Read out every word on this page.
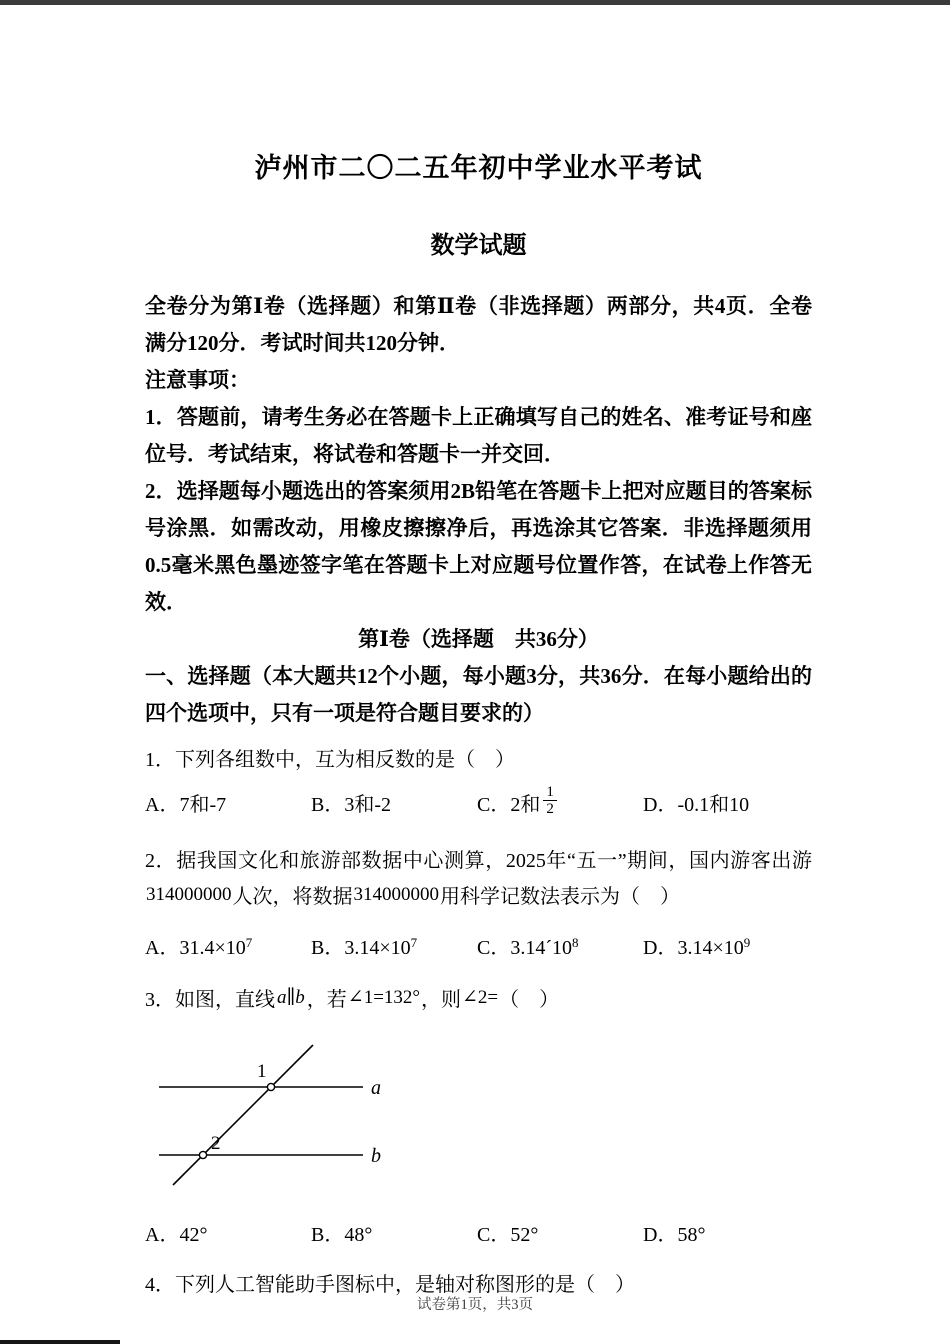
泸州市二〇二五年初中学业水平考试
数学试题

全卷分为第Ⅰ卷（选择题）和第Ⅱ卷（非选择题）两部分，共4页．全卷满分120分．考试时间共120分钟．

注意事项：

1．答题前，请考生务必在答题卡上正确填写自己的姓名、准考证号和座位号．考试结束，将试卷和答题卡一并交回．

2．选择题每小题选出的答案须用2B铅笔在答题卡上把对应题目的答案标号涂黑．如需改动，用橡皮擦擦净后，再选涂其它答案．非选择题须用0.5毫米黑色墨迹签字笔在答题卡上对应题号位置作答，在试卷上作答无效．

第Ⅰ卷（选择题　共36分）

一、选择题（本大题共12个小题，每小题3分，共36分．在每小题给出的四个选项中，只有一项是符合题目要求的）

1．下列各组数中，互为相反数的是（　）
A．7和-7	B．3和-2	C．2和 $\frac{1}{2}$	D．-0.1和10
2．据我国文化和旅游部数据中心测算，2025年“五一”期间，国内游客出游314000000人次，将数据314000000用科学记数法表示为（　）
A．$31.4\times 10^7$	B．$3.14\times 10^7$	C．$3.14´10^8$	D．$3.14\times 10^9$
3．如图，直线 a∥b ，若∠1=132°，则∠2=（　）
1
a
2
b
A．42°	B．48°	C．52°	D．58°
4．下列人工智能助手图标中，是轴对称图形的是（　）
试卷第1页，共3页
